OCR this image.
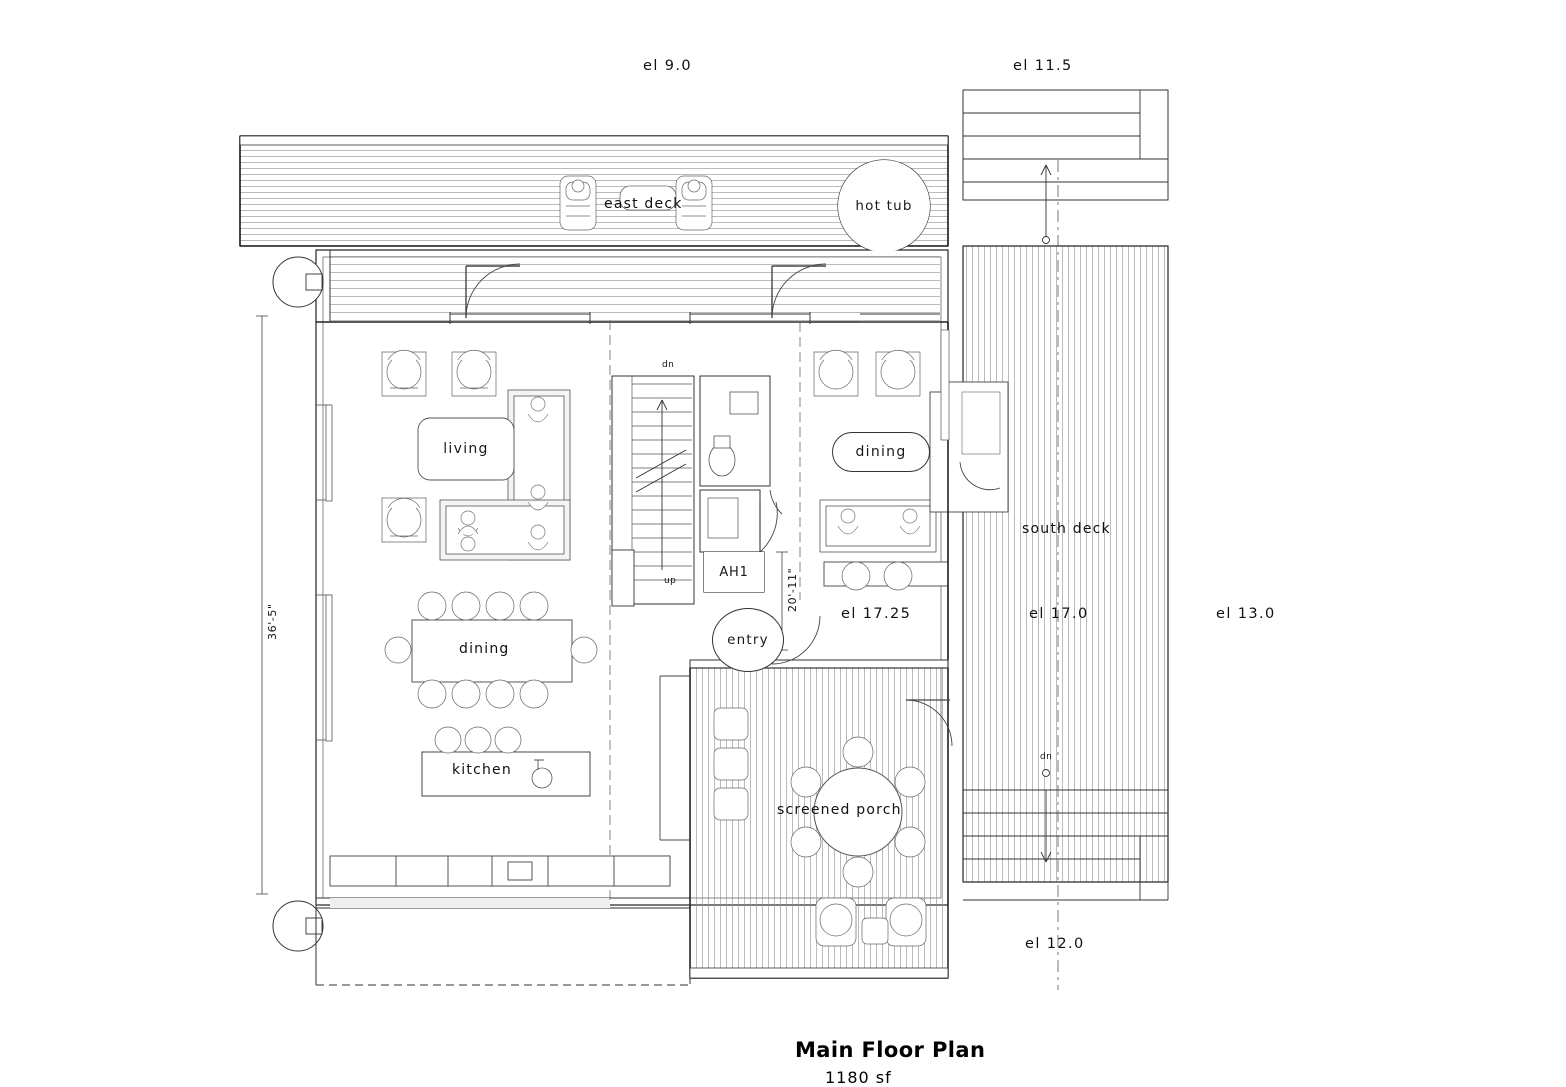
el 9.0	el 11.5
el 17.0
el 17.25	el 13.0
el 12.0
east deck	hot tub
living	dining
dining
kitchen
entry
screened porch
south deck
dn
up
dn
AH1
36'-5"
20'-11"
Main Floor Plan
1180 sf
